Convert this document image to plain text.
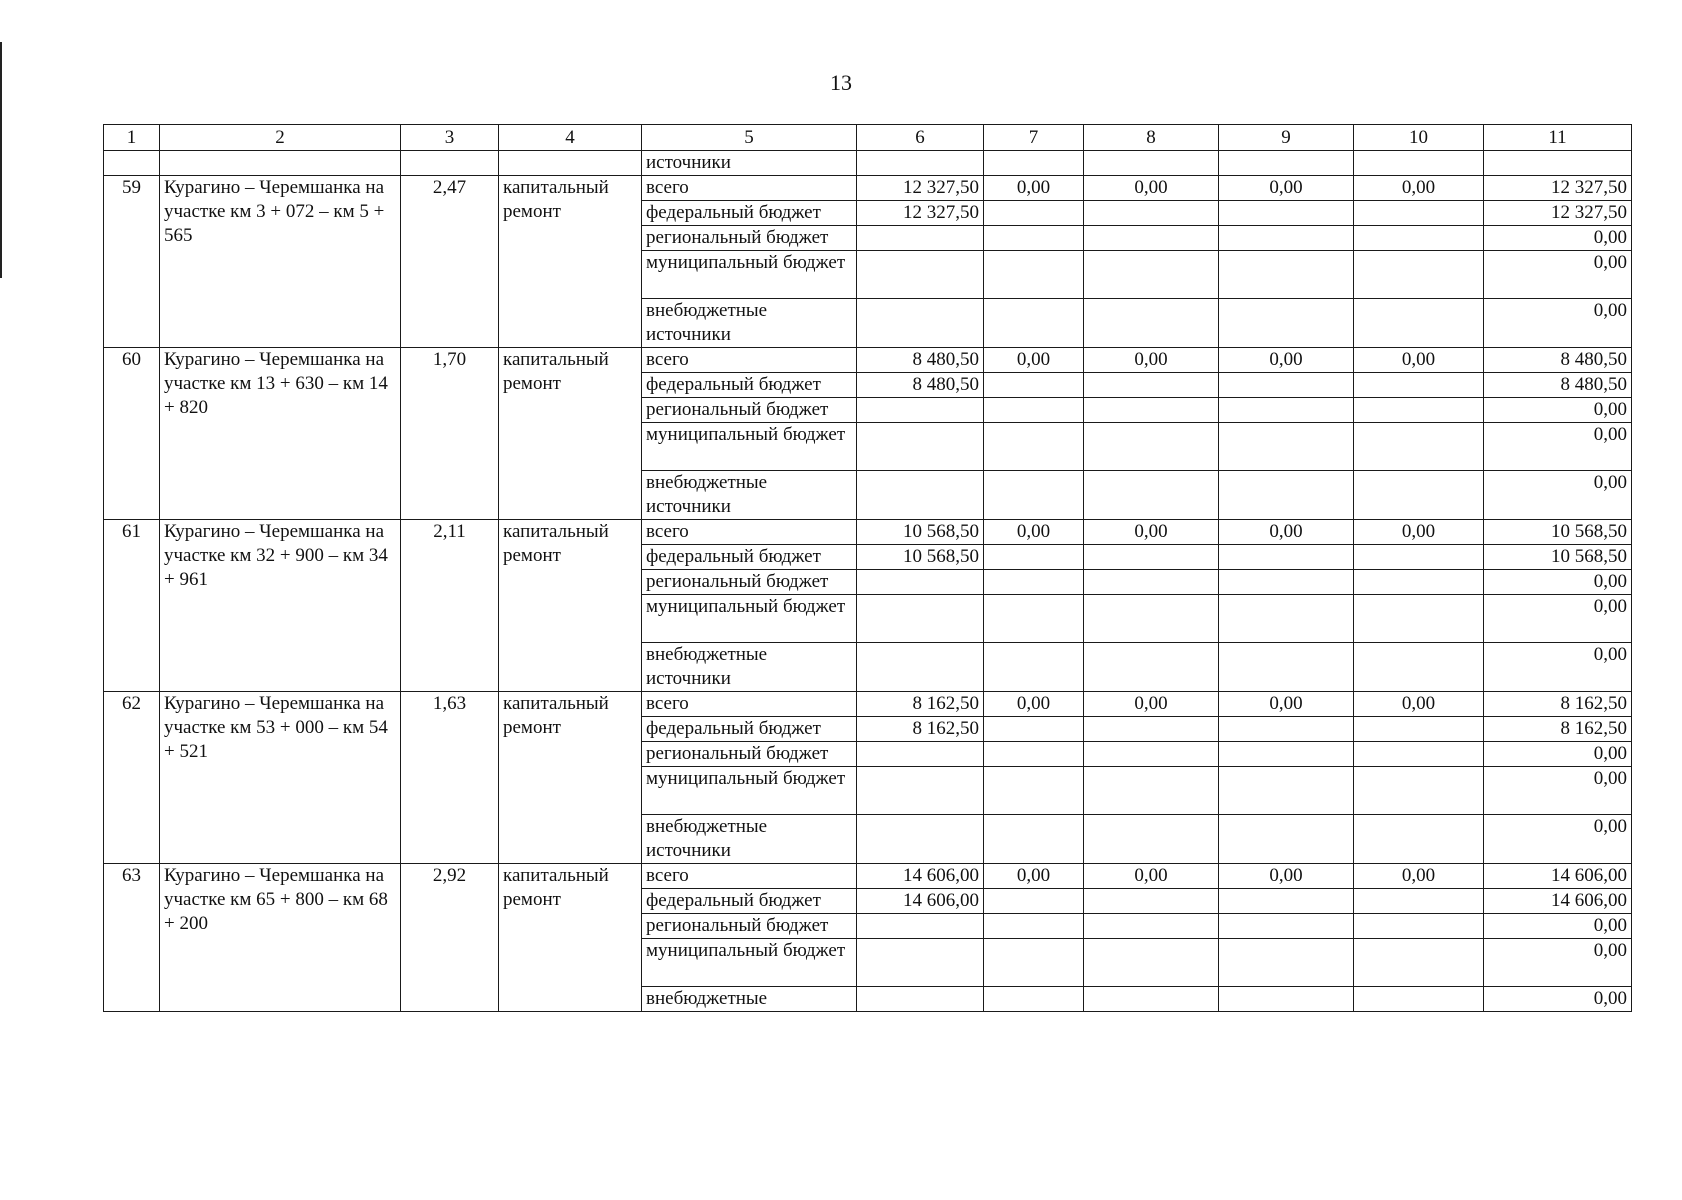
13
1	2	3	4	5	6	7	8	9	10	11
				источники						
59	Курагино – Черемшанка на участке км 3 + 072 – км 5 + 565	2,47	капитальный ремонт	всего	12 327,50	0,00	0,00	0,00	0,00	12 327,50
				федеральный бюджет	12 327,50					12 327,50
				региональный бюджет						0,00
				муниципальный бюджет						0,00
				внебюджетные источники						0,00
60	Курагино – Черемшанка на участке км 13 + 630 – км 14 + 820	1,70	капитальный ремонт	всего	8 480,50	0,00	0,00	0,00	0,00	8 480,50
				федеральный бюджет	8 480,50					8 480,50
				региональный бюджет						0,00
				муниципальный бюджет						0,00
				внебюджетные источники						0,00
61	Курагино – Черемшанка на участке км 32 + 900 – км 34 + 961	2,11	капитальный ремонт	всего	10 568,50	0,00	0,00	0,00	0,00	10 568,50
				федеральный бюджет	10 568,50					10 568,50
				региональный бюджет						0,00
				муниципальный бюджет						0,00
				внебюджетные источники						0,00
62	Курагино – Черемшанка на участке км 53 + 000 – км 54 + 521	1,63	капитальный ремонт	всего	8 162,50	0,00	0,00	0,00	0,00	8 162,50
				федеральный бюджет	8 162,50					8 162,50
				региональный бюджет						0,00
				муниципальный бюджет						0,00
				внебюджетные источники						0,00
63	Курагино – Черемшанка на участке км 65 + 800 – км 68 + 200	2,92	капитальный ремонт	всего	14 606,00	0,00	0,00	0,00	0,00	14 606,00
				федеральный бюджет	14 606,00					14 606,00
				региональный бюджет						0,00
				муниципальный бюджет						0,00
				внебюджетные						0,00
